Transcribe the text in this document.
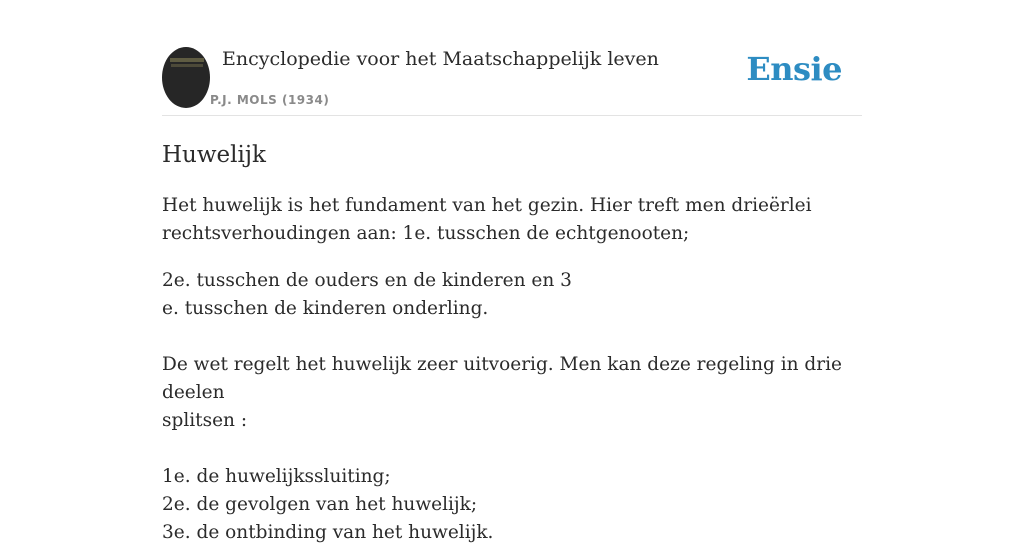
Encyclopedie voor het Maatschappelijk leven
P.J. MOLS (1934)
Ensie
Huwelijk

Het huwelijk is het fundament van het gezin. Hier treft men drieërlei

rechtsverhoudingen aan: 1e. tusschen de echtgenooten;

2e. tusschen de ouders en de kinderen en 3

e. tusschen de kinderen onderling.

De wet regelt het huwelijk zeer uitvoerig. Men kan deze regeling in drie deelen

splitsen :

1e. de huwelijkssluiting;

2e. de gevolgen van het huwelijk;

3e. de ontbinding van het huwelijk.
